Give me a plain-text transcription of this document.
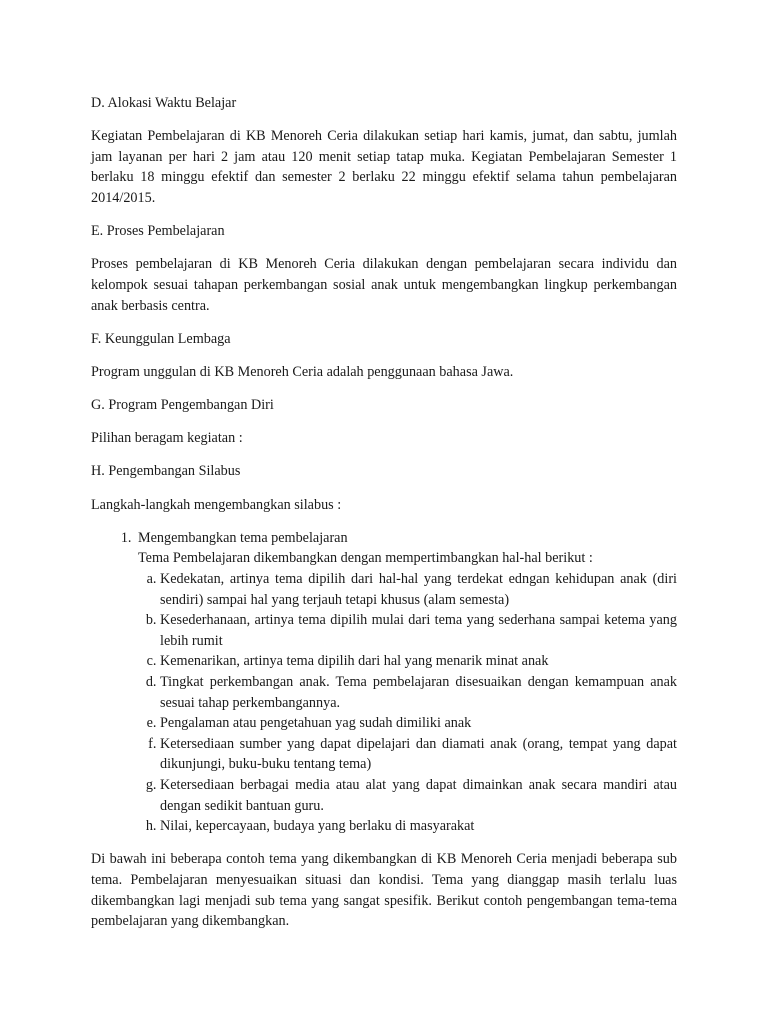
D. Alokasi Waktu Belajar

Kegiatan Pembelajaran di KB Menoreh Ceria dilakukan setiap hari kamis, jumat, dan sabtu, jumlah jam layanan per hari 2 jam atau 120 menit setiap tatap muka. Kegiatan Pembelajaran Semester 1 berlaku 18 minggu efektif dan semester 2 berlaku 22 minggu efektif selama tahun pembelajaran 2014/2015.

E. Proses Pembelajaran

Proses pembelajaran di KB Menoreh Ceria dilakukan dengan pembelajaran secara individu dan kelompok sesuai tahapan perkembangan sosial anak untuk mengembangkan lingkup perkembangan anak berbasis centra.

F. Keunggulan Lembaga

Program unggulan di KB Menoreh Ceria adalah penggunaan bahasa Jawa.

G. Program Pengembangan Diri

Pilihan beragam kegiatan :

H. Pengembangan Silabus

Langkah-langkah mengembangkan silabus :

1. Mengembangkan tema pembelajaran
Tema Pembelajaran dikembangkan dengan mempertimbangkan hal-hal berikut :
a. Kedekatan, artinya tema dipilih dari hal-hal yang terdekat edngan kehidupan anak (diri sendiri) sampai hal yang terjauh tetapi khusus (alam semesta)
b. Kesederhanaan, artinya tema dipilih mulai dari tema yang sederhana sampai ketema yang lebih rumit
c. Kemenarikan, artinya tema dipilih dari hal yang menarik minat anak
d. Tingkat perkembangan anak. Tema pembelajaran disesuaikan dengan kemampuan anak sesuai tahap perkembangannya.
e. Pengalaman atau pengetahuan yag sudah dimiliki anak
f. Ketersediaan sumber yang dapat dipelajari dan diamati anak (orang, tempat yang dapat dikunjungi, buku-buku tentang tema)
g. Ketersediaan berbagai media atau alat yang dapat dimainkan anak secara mandiri atau dengan sedikit bantuan guru.
h. Nilai, kepercayaan, budaya yang berlaku di masyarakat

Di bawah ini beberapa contoh tema yang dikembangkan di KB Menoreh Ceria menjadi beberapa sub tema. Pembelajaran menyesuaikan situasi dan kondisi. Tema yang dianggap masih terlalu luas dikembangkan lagi menjadi sub tema yang sangat spesifik. Berikut contoh pengembangan tema-tema pembelajaran yang dikembangkan.
